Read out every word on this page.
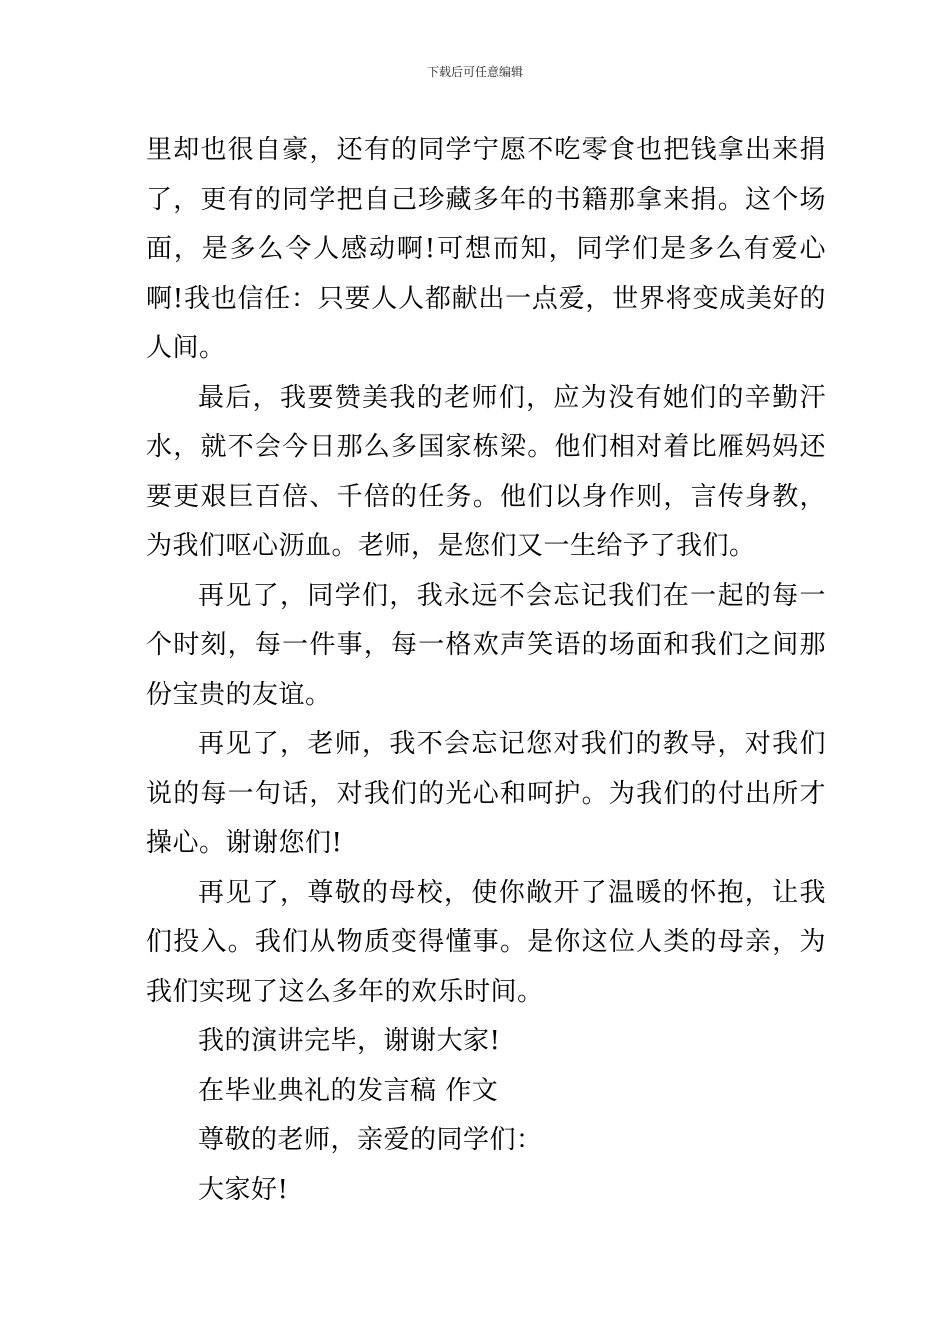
下载后可任意编辑

里却也很自豪，还有的同学宁愿不吃零食也把钱拿出来捐了，更有的同学把自己珍藏多年的书籍那拿来捐。这个场面，是多么令人感动啊!可想而知，同学们是多么有爱心啊!我也信任：只要人人都献出一点爱，世界将变成美好的人间。

最后，我要赞美我的老师们，应为没有她们的辛勤汗水，就不会今日那么多国家栋梁。他们相对着比雁妈妈还要更艰巨百倍、千倍的任务。他们以身作则，言传身教，为我们呕心沥血。老师，是您们又一生给予了我们。

再见了，同学们，我永远不会忘记我们在一起的每一个时刻，每一件事，每一格欢声笑语的场面和我们之间那份宝贵的友谊。

再见了，老师，我不会忘记您对我们的教导，对我们说的每一句话，对我们的光心和呵护。为我们的付出所才操心。谢谢您们!

再见了，尊敬的母校，使你敞开了温暖的怀抱，让我们投入。我们从物质变得懂事。是你这位人类的母亲，为我们实现了这么多年的欢乐时间。

我的演讲完毕，谢谢大家!
在毕业典礼的发言稿 作文
尊敬的老师，亲爱的同学们：
大家好!
